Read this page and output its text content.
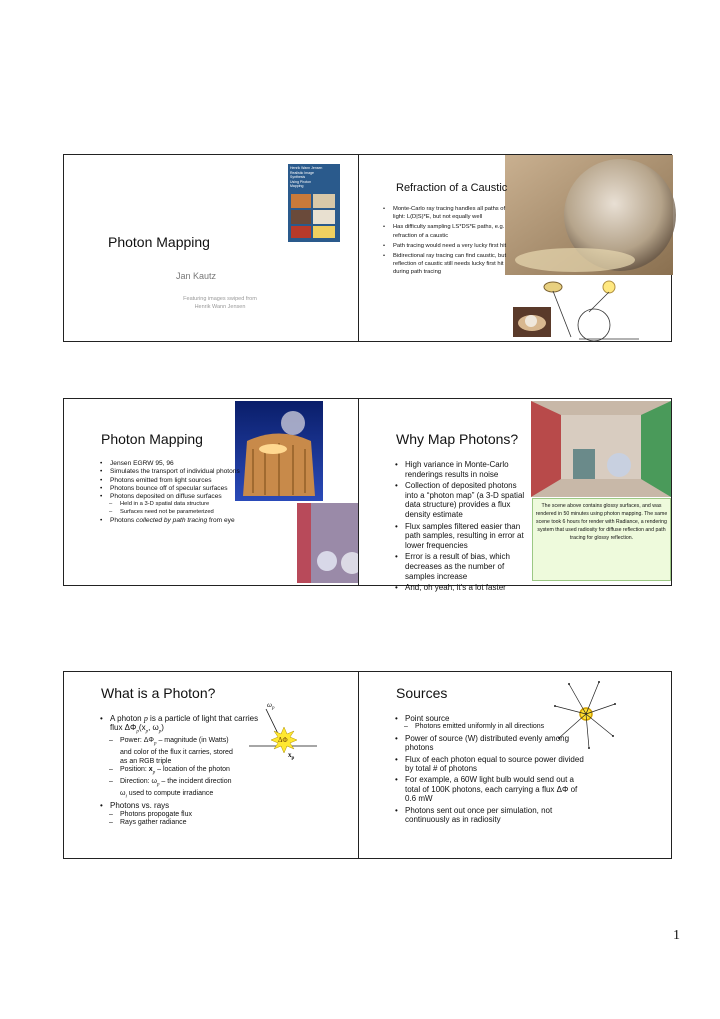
Henrik Wann Jensen
Realistic Image
Synthesis
Using Photon
Mapping
Photon Mapping
Jan Kautz
Featuring images swiped from
Henrik Wann Jensen
Refraction of a Caustic
• Monte-Carlo ray tracing handles all paths of light: L(D|S)*E, but not equally well
• Has difficulty sampling LS*DS*E paths, e.g. refraction of a caustic
• Path tracing would need a very lucky first hit
• Bidirectional ray tracing can find caustic, but reflection of caustic still needs lucky first hit during path tracing
Photon Mapping
• Jensen EGRW 95, 96
• Simulates the transport of individual photons
• Photons emitted from light sources
• Photons bounce off of specular surfaces
• Photons deposited on diffuse surfaces
– Held in a 3-D spatial data structure
– Surfaces need not be parameterized
• Photons collected by path tracing from eye
The scene above contains glossy surfaces, and was rendered in 50 minutes using photon mapping. The same scene took 6 hours for render with Radiance, a rendering system that used radiosity for diffuse reflection and path tracing for glossy reflection.
Why Map Photons?
• High variance in Monte-Carlo renderings results in noise
• Collection of deposited photons into a “photon map” (a 3-D spatial data structure) provides a flux density estimate
• Flux samples filtered easier than path samples, resulting in error at lower frequencies
• Error is a result of bias, which decreases as the number of samples increase
• And, oh yeah, it’s a lot faster
What is a Photon?
• A photon p is a particle of light that carries flux $\Delta\Phi_p(x_p$, $\omega_p$)
– Power: $\Delta\Phi_p$ – magnitude (in Watts) and color of the flux it carries, stored as an RGB triple
– Position: $x_p$ – location of the photon
– Direction: $\omega_p$ – the incident direction $\omega_i$ used to compute irradiance
• Photons vs. rays
– Photons propogate flux
– Rays gather radiance
$\omega_p$
ΔΦ
$x_p$
Sources
• Point source
– Photons emitted uniformly in all directions
• Power of source (W) distributed evenly among photons
• Flux of each photon equal to source power divided by total # of photons
• For example, a 60W light bulb would send out a total of 100K photons, each carrying a flux ΔΦ of 0.6 mW
• Photons sent out once per simulation, not continuously as in radiosity
1
